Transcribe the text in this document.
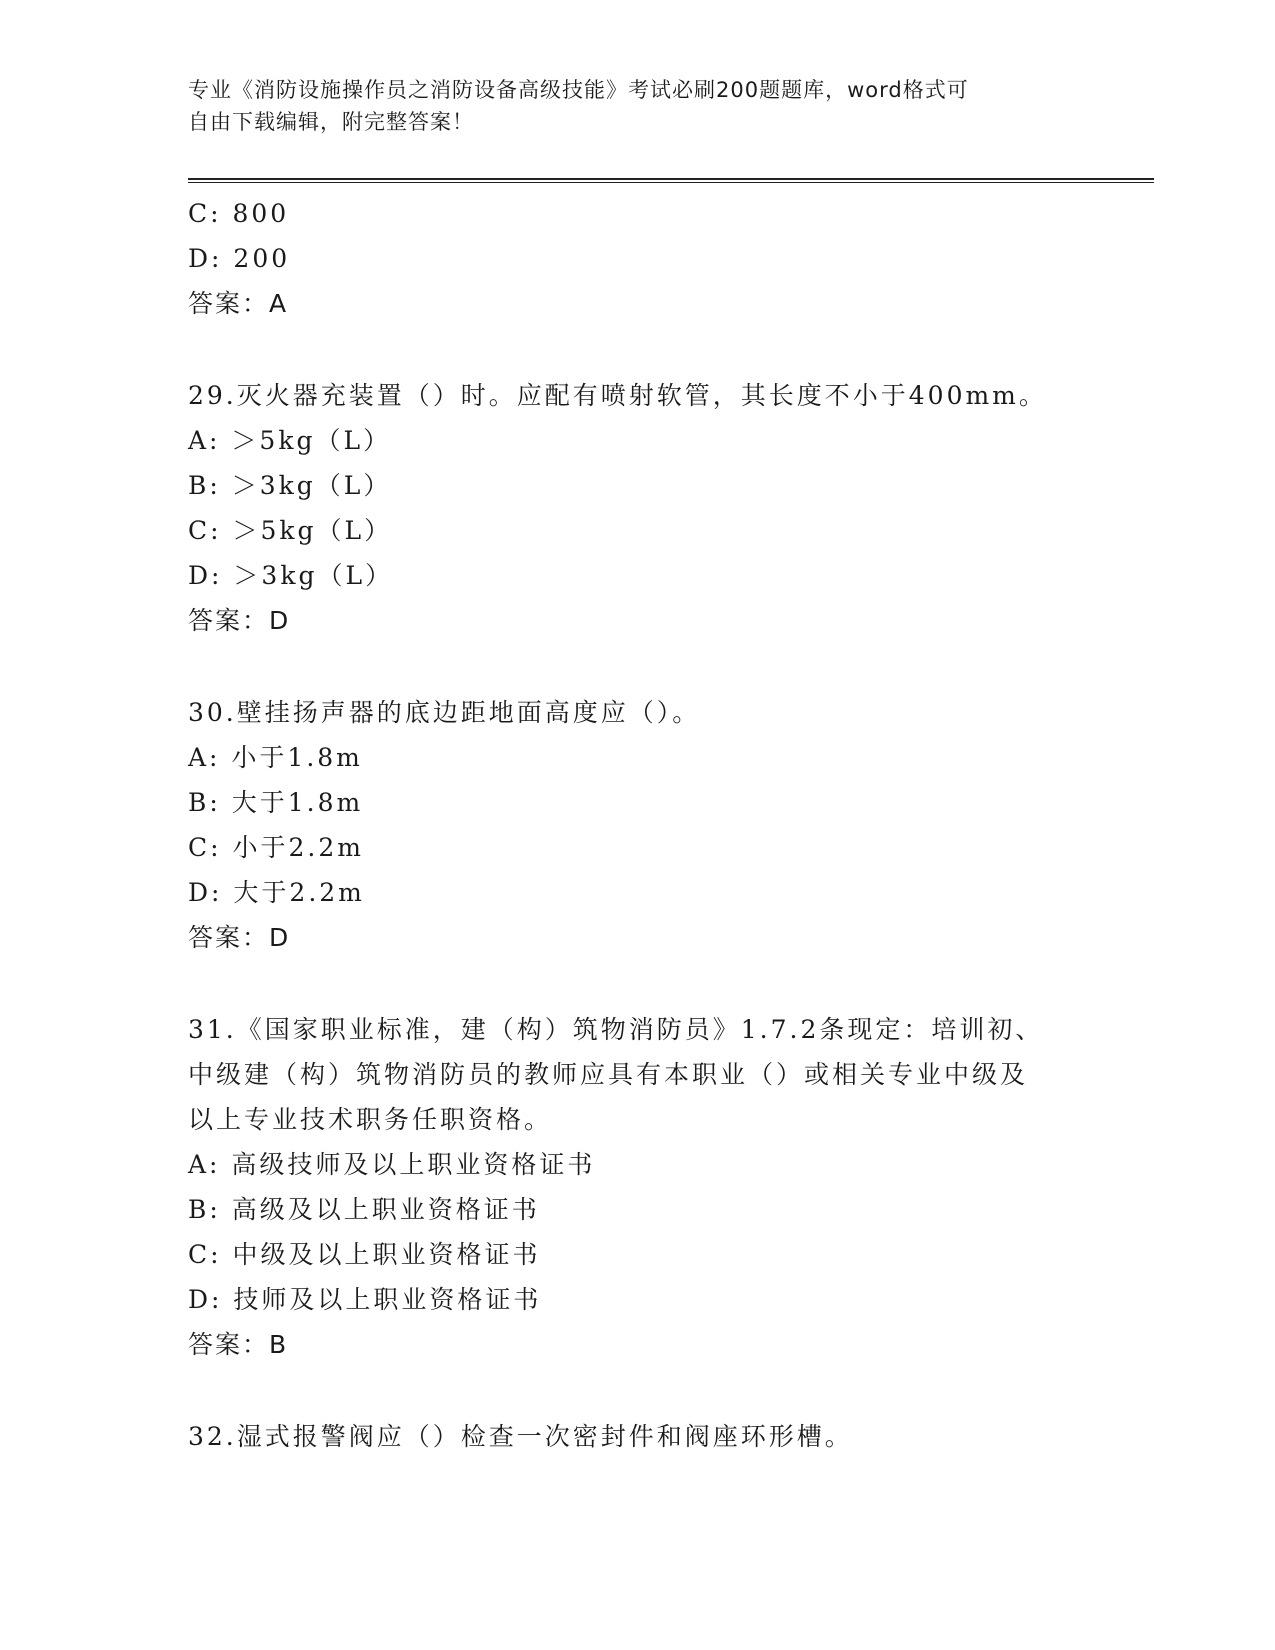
专业《消防设施操作员之消防设备高级技能》考试必刷200题题库，word格式可
自由下载编辑，附完整答案！
C: 800
D: 200
答案：A
29.灭火器充装置（）时。应配有喷射软管，其长度不小于400mm。
A: ＞5kg（L）
B: ＞3kg（L）
C: ＞5kg（L）
D: ＞3kg（L）
答案：D
30.壁挂扬声器的底边距地面高度应（）。
A: 小于1.8m
B: 大于1.8m
C: 小于2.2m
D: 大于2.2m
答案：D
31.《国家职业标准，建（构）筑物消防员》1.7.2条现定：培训初、
中级建（构）筑物消防员的教师应具有本职业（）或相关专业中级及
以上专业技术职务任职资格。
A: 高级技师及以上职业资格证书
B: 高级及以上职业资格证书
C: 中级及以上职业资格证书
D: 技师及以上职业资格证书
答案：B
32.湿式报警阀应（）检查一次密封件和阀座环形槽。
